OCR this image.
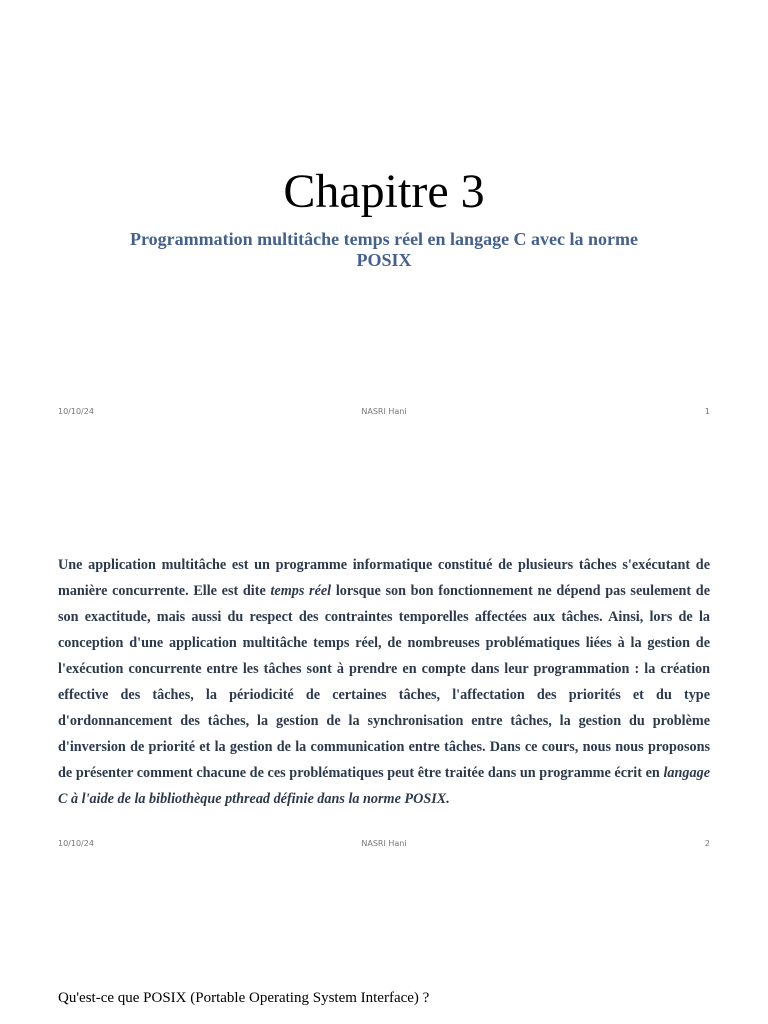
Chapitre 3
Programmation multitâche temps réel en langage C avec la norme POSIX
10/10/24	NASRI Hani	1

Une application multitâche est un programme informatique constitué de plusieurs tâches s'exécutant de manière concurrente. Elle est dite temps réel lorsque son bon fonctionnement ne dépend pas seulement de son exactitude, mais aussi du respect des contraintes temporelles affectées aux tâches. Ainsi, lors de la conception d'une application multitâche temps réel, de nombreuses problématiques liées à la gestion de l'exécution concurrente entre les tâches sont à prendre en compte dans leur programmation : la création effective des tâches, la périodicité de certaines tâches, l'affectation des priorités et du type d'ordonnancement des tâches, la gestion de la synchronisation entre tâches, la gestion du problème d'inversion de priorité et la gestion de la communication entre tâches. Dans ce cours, nous nous proposons de présenter comment chacune de ces problématiques peut être traitée dans un programme écrit en langage C à l'aide de la bibliothèque pthread définie dans la norme POSIX.

10/10/24	NASRI Hani	2
Qu'est-ce que POSIX (Portable Operating System Interface) ?
